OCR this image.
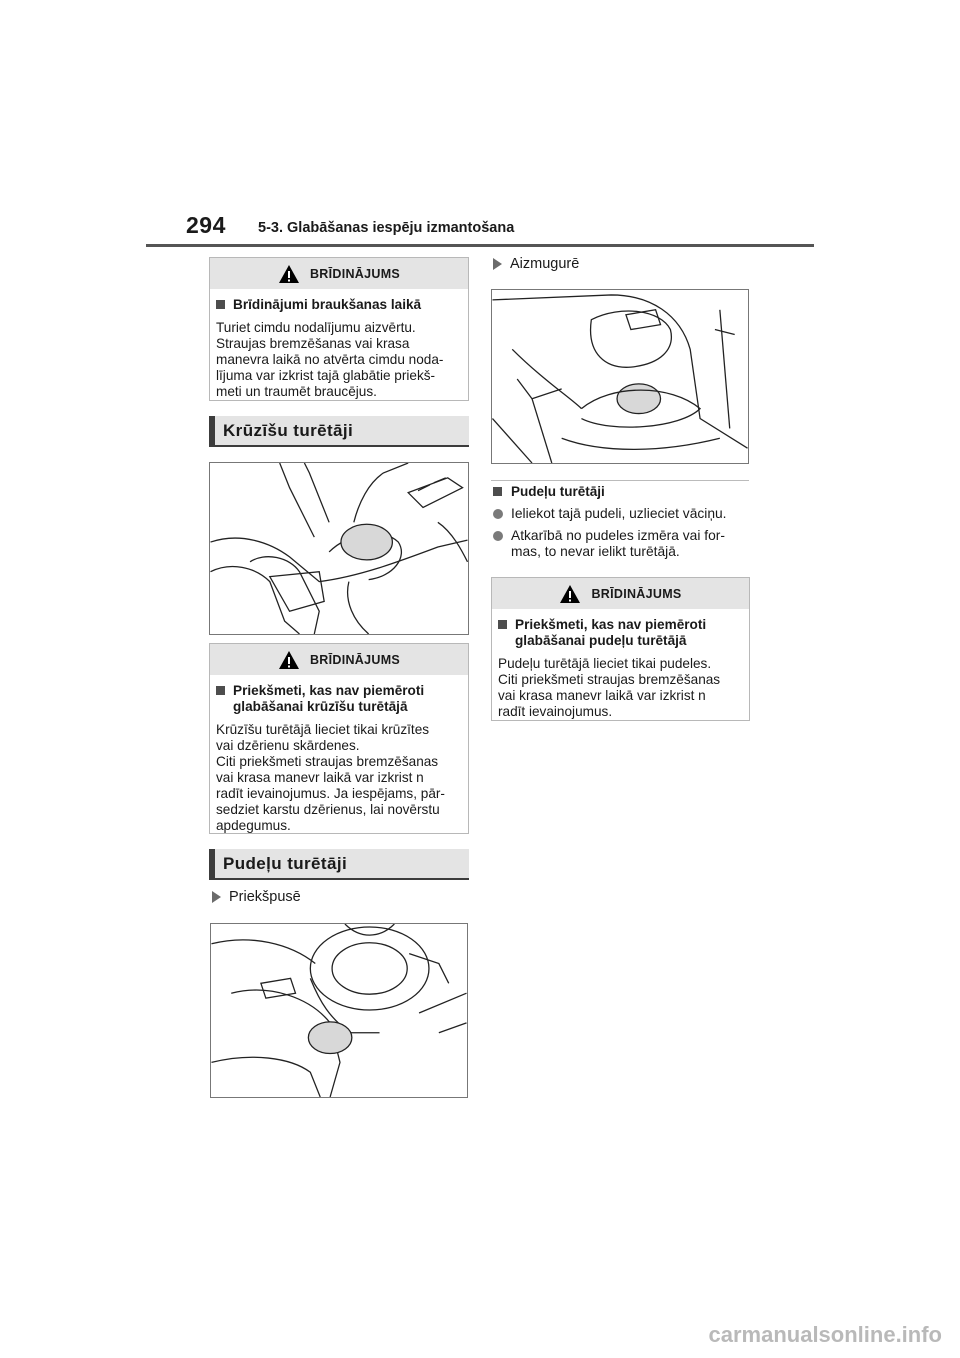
294 5-3. Glabāšanas iespēju izmantošana
BRĪDINĀJUMS
Brīdinājumi braukšanas laikā
Turiet cimdu nodalījumu aizvērtu.
Straujas bremzēšanas vai krasa
manevra laikā no atvērta cimdu noda-
lījuma var izkrist tajā glabātie priekš-
meti un traumēt braucējus.
Krūzīšu turētāji
BRĪDINĀJUMS
Priekšmeti, kas nav piemēroti
glabāšanai krūzīšu turētājā
Krūzīšu turētājā lieciet tikai krūzītes
vai dzērienu skārdenes.
Citi priekšmeti straujas bremzēšanas
vai krasa manevr laikā var izkrist n
radīt ievainojumus. Ja iespējams, pār-
sedziet karstu dzērienus, lai novērstu
apdegumus.
Pudeļu turētāji
Priekšpusē
Aizmugurē
Pudeļu turētāji
Ieliekot tajā pudeli, uzlieciet vāciņu.
Atkarībā no pudeles izmēra vai for-
mas, to nevar ielikt turētājā.
BRĪDINĀJUMS
Priekšmeti, kas nav piemēroti
glabāšanai pudeļu turētājā
Pudeļu turētājā lieciet tikai pudeles.
Citi priekšmeti straujas bremzēšanas
vai krasa manevr laikā var izkrist n
radīt ievainojumus.
carmanualsonline.info
